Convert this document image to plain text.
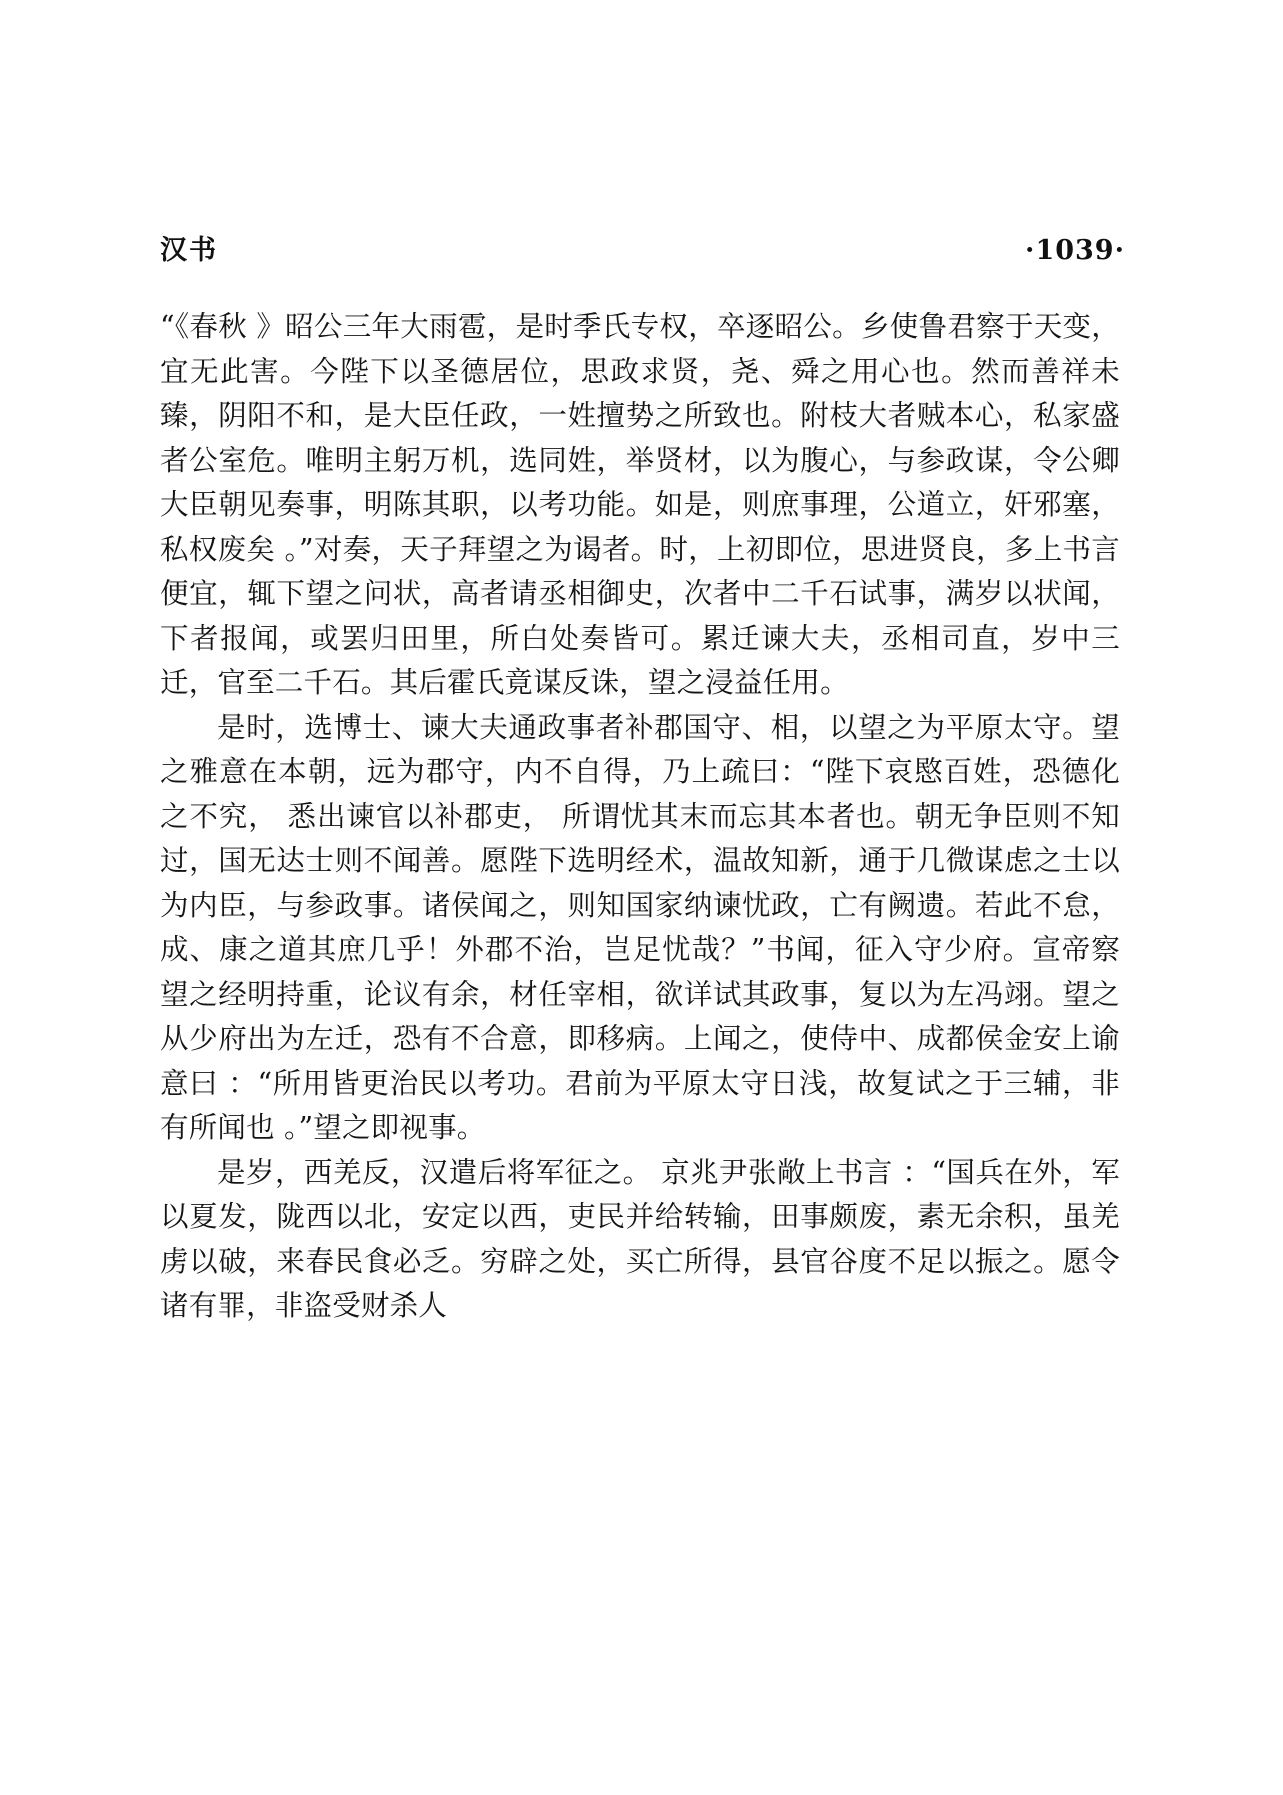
汉书	·1039·

“《春秋 》昭公三年大雨雹，是时季氏专权，卒逐昭公。乡使鲁君察于天变，宜无此害。今陛下以圣德居位，思政求贤，尧、舜之用心也。然而善祥未臻，阴阳不和，是大臣任政，一姓擅势之所致也。附枝大者贼本心，私家盛者公室危。唯明主躬万机，选同姓，举贤材，以为腹心，与参政谋，令公卿大臣朝见奏事，明陈其职，以考功能。如是，则庶事理，公道立，奸邪塞，私权废矣 。”对奏，天子拜望之为谒者。时，上初即位，思进贤良，多上书言便宜，辄下望之问状，高者请丞相御史，次者中二千石试事，满岁以状闻，下者报闻，或罢归田里，所白处奏皆可。累迁谏大夫，丞相司直，岁中三迁，官至二千石。其后霍氏竟谋反诛，望之浸益任用。

是时，选博士、谏大夫通政事者补郡国守、相，以望之为平原太守。望之雅意在本朝，远为郡守，内不自得，乃上疏曰：“陛下哀愍百姓，恐德化之不究， 悉出谏官以补郡吏， 所谓忧其末而忘其本者也。朝无争臣则不知过，国无达士则不闻善。愿陛下选明经术，温故知新，通于几微谋虑之士以为内臣，与参政事。诸侯闻之，则知国家纳谏忧政，亡有阙遗。若此不怠，成、康之道其庶几乎！外郡不治，岂足忧哉？”书闻，征入守少府。宣帝察望之经明持重，论议有余，材任宰相，欲详试其政事，复以为左冯翊。望之从少府出为左迁，恐有不合意，即移病。上闻之，使侍中、成都侯金安上谕意曰 ：“所用皆更治民以考功。君前为平原太守日浅，故复试之于三辅，非有所闻也 。”望之即视事。

是岁，西羌反，汉遣后将军征之。 京兆尹张敞上书言 ：“国兵在外，军以夏发，陇西以北，安定以西，吏民并给转输，田事颇废，素无余积，虽羌虏以破，来春民食必乏。穷辟之处，买亡所得，县官谷度不足以振之。愿令诸有罪，非盗受财杀人
